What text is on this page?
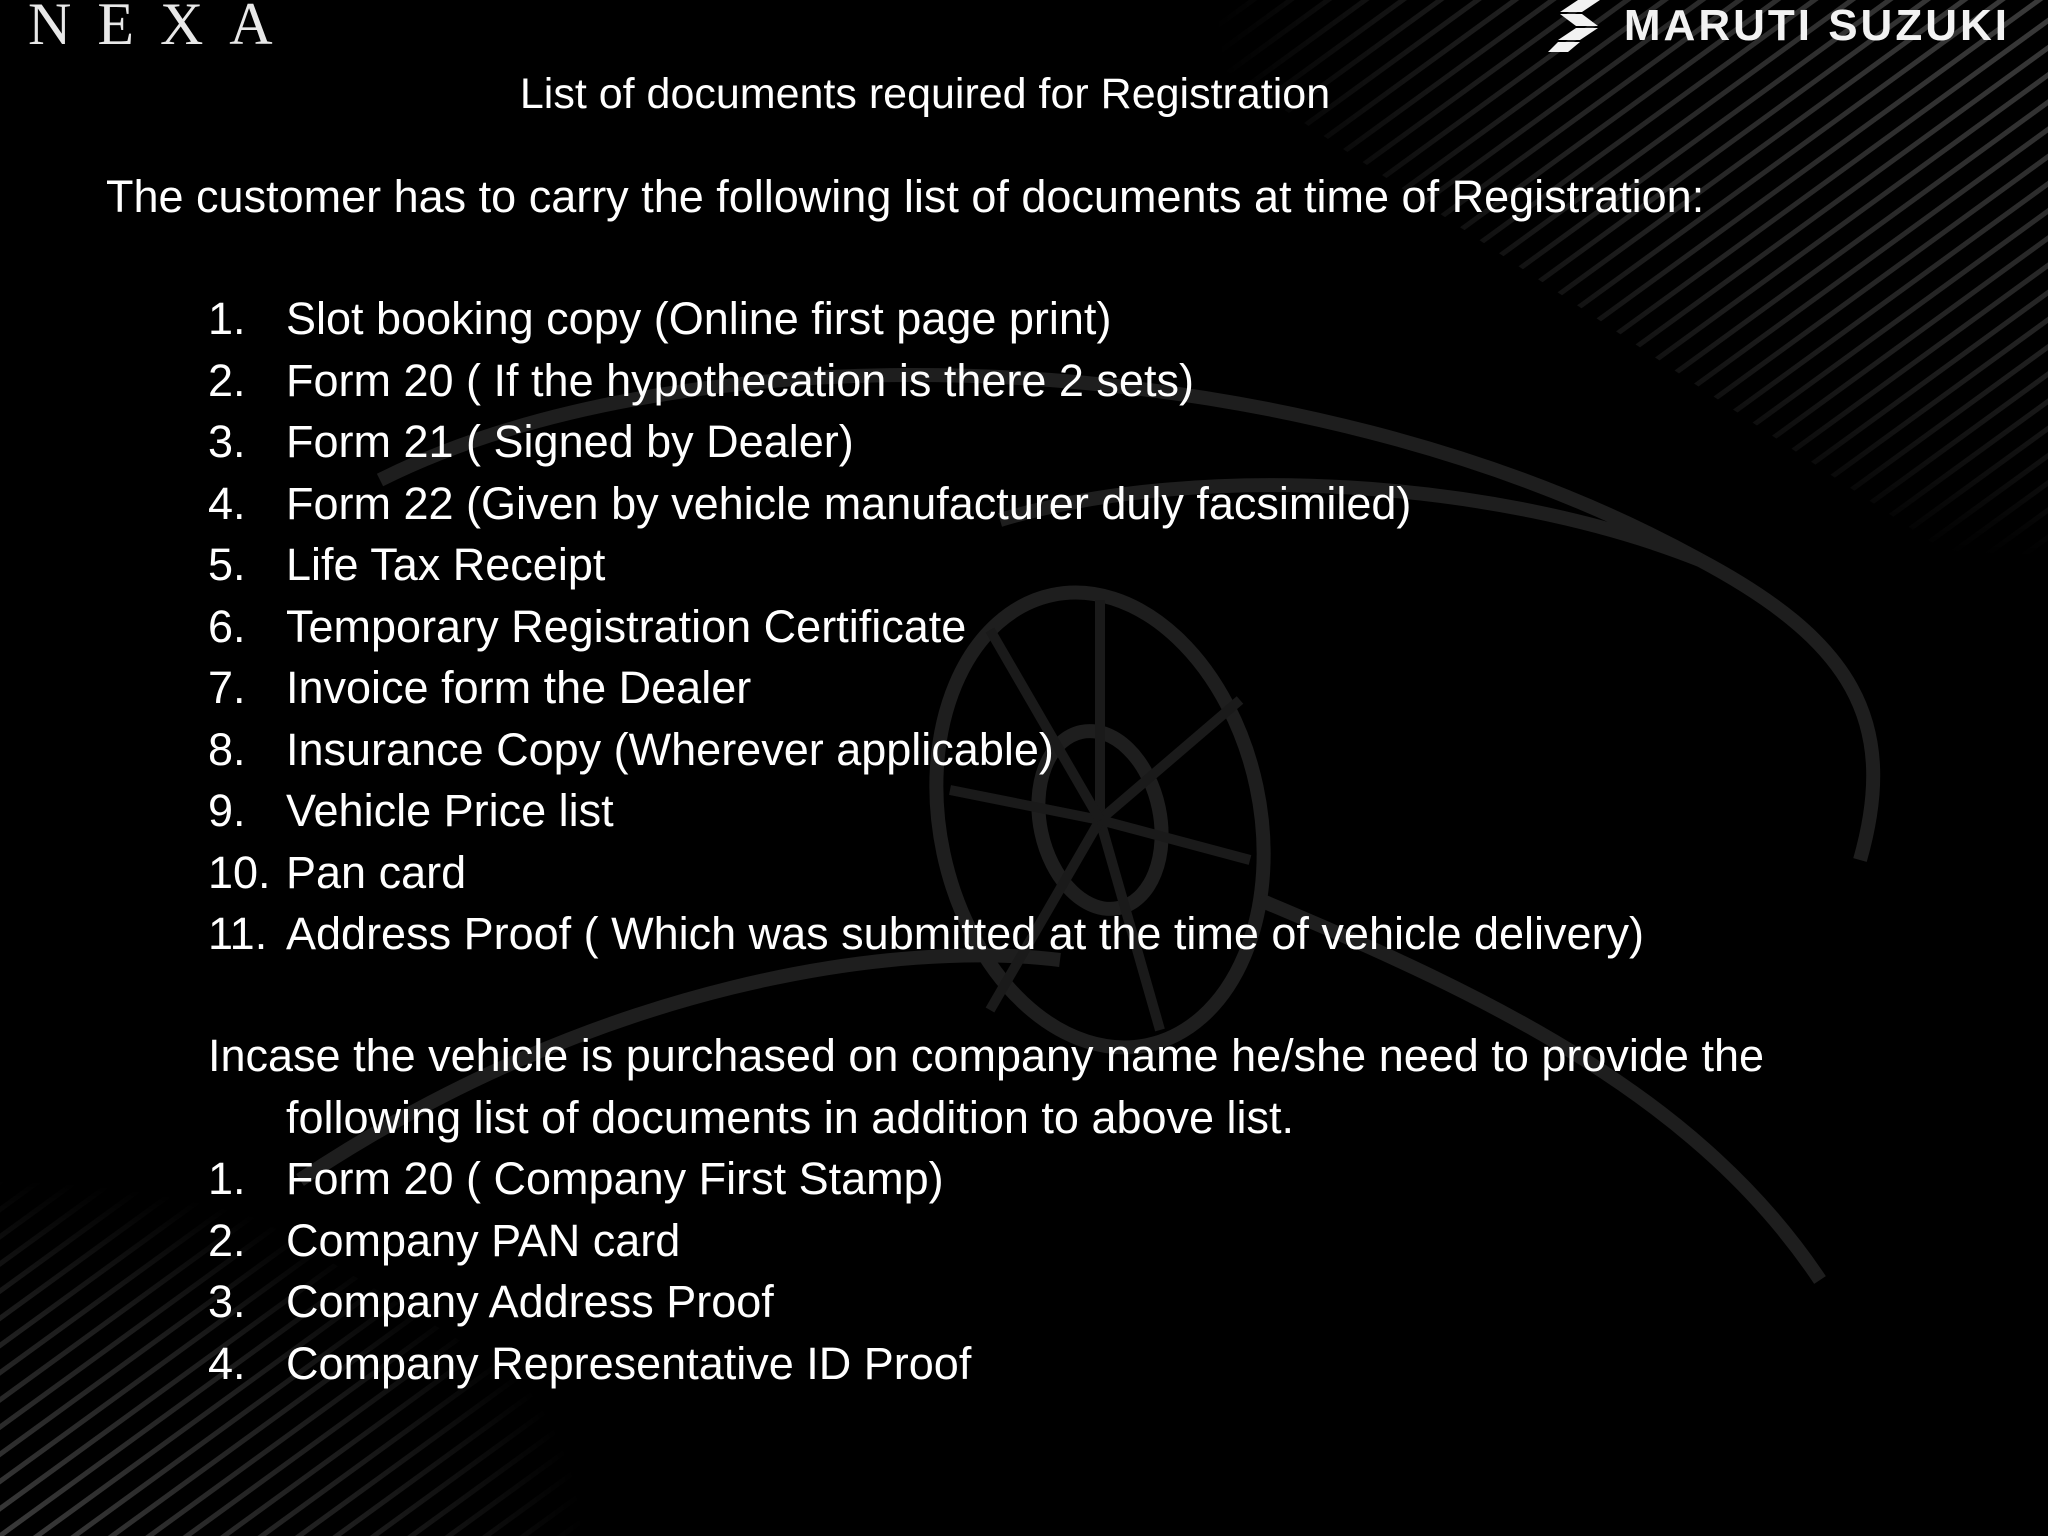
NEXA	MARUTI SUZUKI
List of documents required for Registration
The customer has to carry the following list of documents at time of Registration:
1. Slot booking copy (Online first page print)
2. Form 20 ( If the hypothecation is there 2 sets)
3. Form 21 ( Signed by Dealer)
4. Form 22 (Given by vehicle manufacturer duly facsimiled)
5. Life Tax Receipt
6. Temporary Registration Certificate
7. Invoice form the Dealer
8. Insurance Copy (Wherever applicable)
9. Vehicle Price list
10. Pan card
11. Address Proof ( Which was submitted at the time of vehicle delivery)
Incase the vehicle is purchased on company name he/she need to provide the
following list of documents in addition to above list.
1. Form 20 ( Company First Stamp)
2. Company PAN card
3. Company Address Proof
4. Company Representative ID Proof
